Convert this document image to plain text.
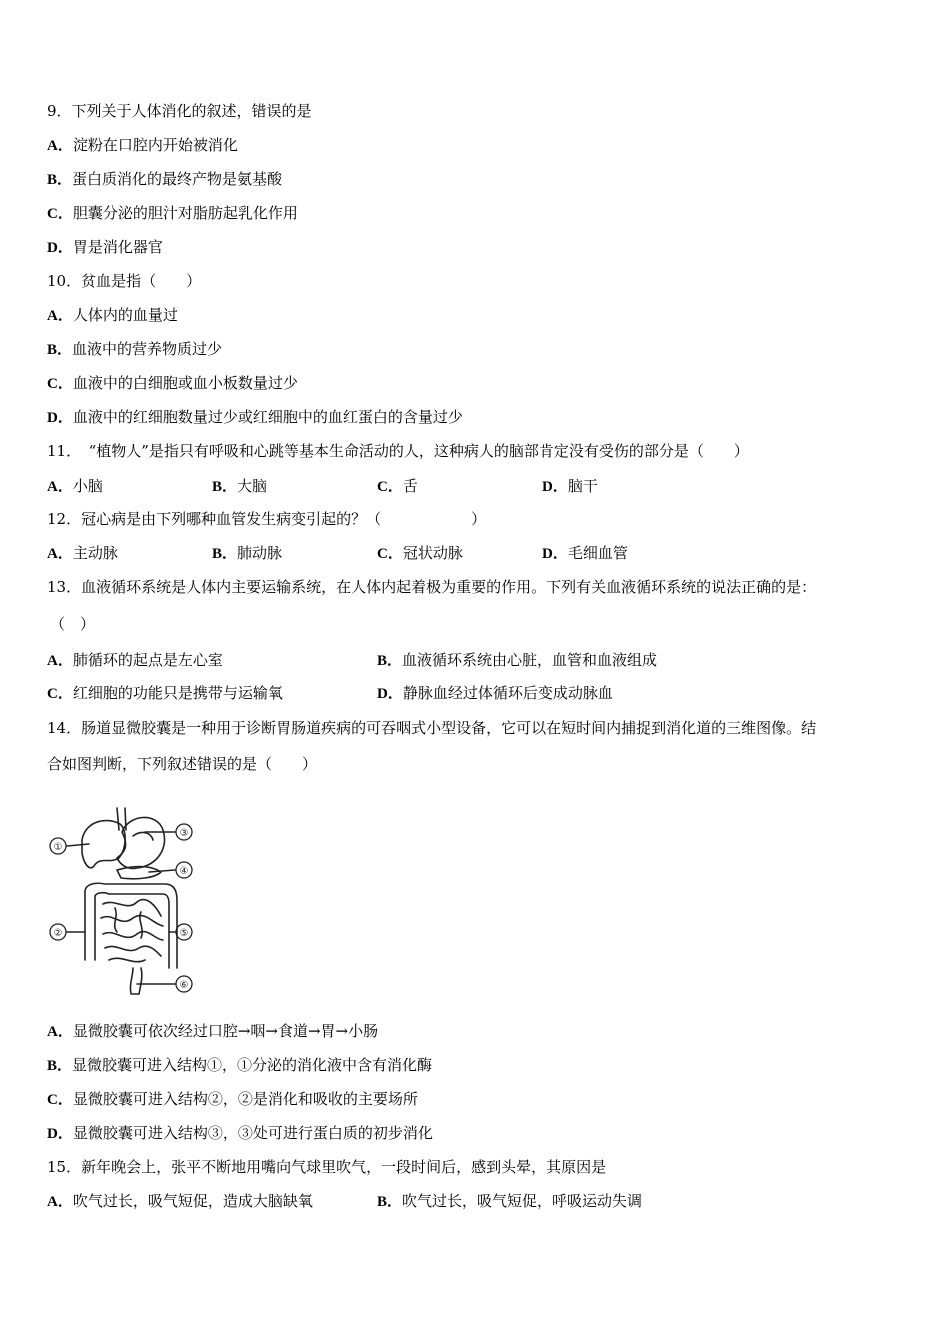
9．下列关于人体消化的叙述，错误的是
A．淀粉在口腔内开始被消化
B．蛋白质消化的最终产物是氨基酸
C．胆囊分泌的胆汁对脂肪起乳化作用
D．胃是消化器官
10．贫血是指（　　）
A．人体内的血量过
B．血液中的营养物质过少
C．血液中的白细胞或血小板数量过少
D．血液中的红细胞数量过少或红细胞中的血红蛋白的含量过少
11．　“植物人”是指只有呼吸和心跳等基本生命活动的人，这种病人的脑部肯定没有受伤的部分是（　　）
A．小脑	B．大脑	C．舌	D．脑干
12．冠心病是由下列哪种血管发生病变引起的？（　　　　　　）
A．主动脉	B．肺动脉	C．冠状动脉	D．毛细血管
13．血液循环系统是人体内主要运输系统，在人体内起着极为重要的作用。下列有关血液循环系统的说法正确的是：
（　）
A．肺循环的起点是左心室	B．血液循环系统由心脏，血管和血液组成
C．红细胞的功能只是携带与运输氧	D．静脉血经过体循环后变成动脉血
14．肠道显微胶囊是一种用于诊断胃肠道疾病的可吞咽式小型设备，它可以在短时间内捕捉到消化道的三维图像。结
合如图判断，下列叙述错误的是（　　）
①
②
③
④
⑤
⑥
A．显微胶囊可依次经过口腔→咽→食道→胃→小肠
B．显微胶囊可进入结构①，①分泌的消化液中含有消化酶
C．显微胶囊可进入结构②，②是消化和吸收的主要场所
D．显微胶囊可进入结构③，③处可进行蛋白质的初步消化
15．新年晚会上，张平不断地用嘴向气球里吹气，一段时间后，感到头晕，其原因是
A．吹气过长，吸气短促，造成大脑缺氧	B．吹气过长，吸气短促，呼吸运动失调
